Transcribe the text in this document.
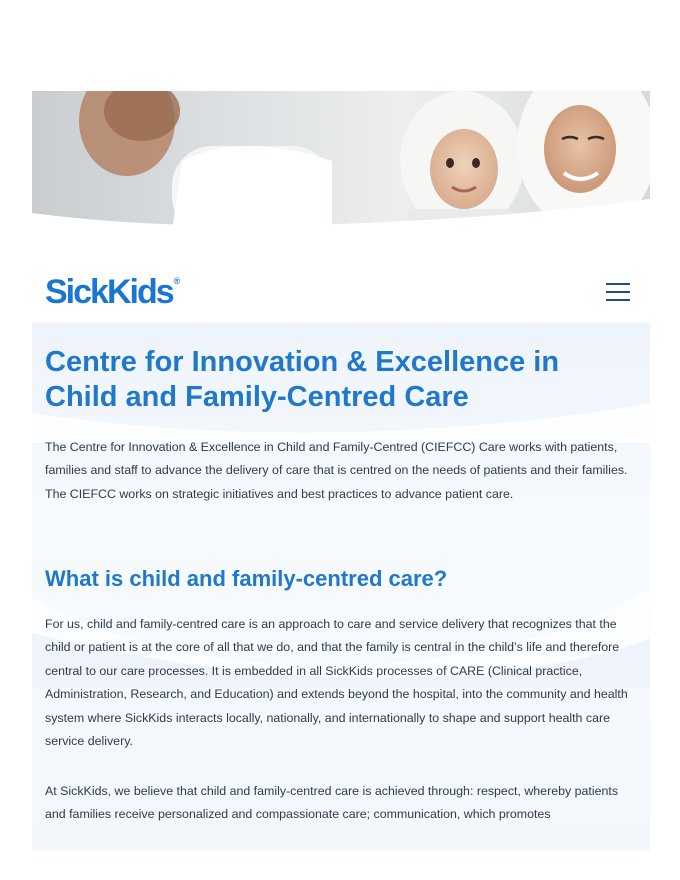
SickKids®
Centre for Innovation & Excellence in Child and Family-Centred Care

The Centre for Innovation & Excellence in Child and Family-Centred (CIEFCC) Care works with patients, families and staff to advance the delivery of care that is centred on the needs of patients and their families. The CIEFCC works on strategic initiatives and best practices to advance patient care.

What is child and family-centred care?

For us, child and family-centred care is an approach to care and service delivery that recognizes that the child or patient is at the core of all that we do, and that the family is central in the child’s life and therefore central to our care processes. It is embedded in all SickKids processes of CARE (Clinical practice, Administration, Research, and Education) and extends beyond the hospital, into the community and health system where SickKids interacts locally, nationally, and internationally to shape and support health care service delivery.

At SickKids, we believe that child and family-centred care is achieved through: respect, whereby patients and families receive personalized and compassionate care; communication, which promotes
